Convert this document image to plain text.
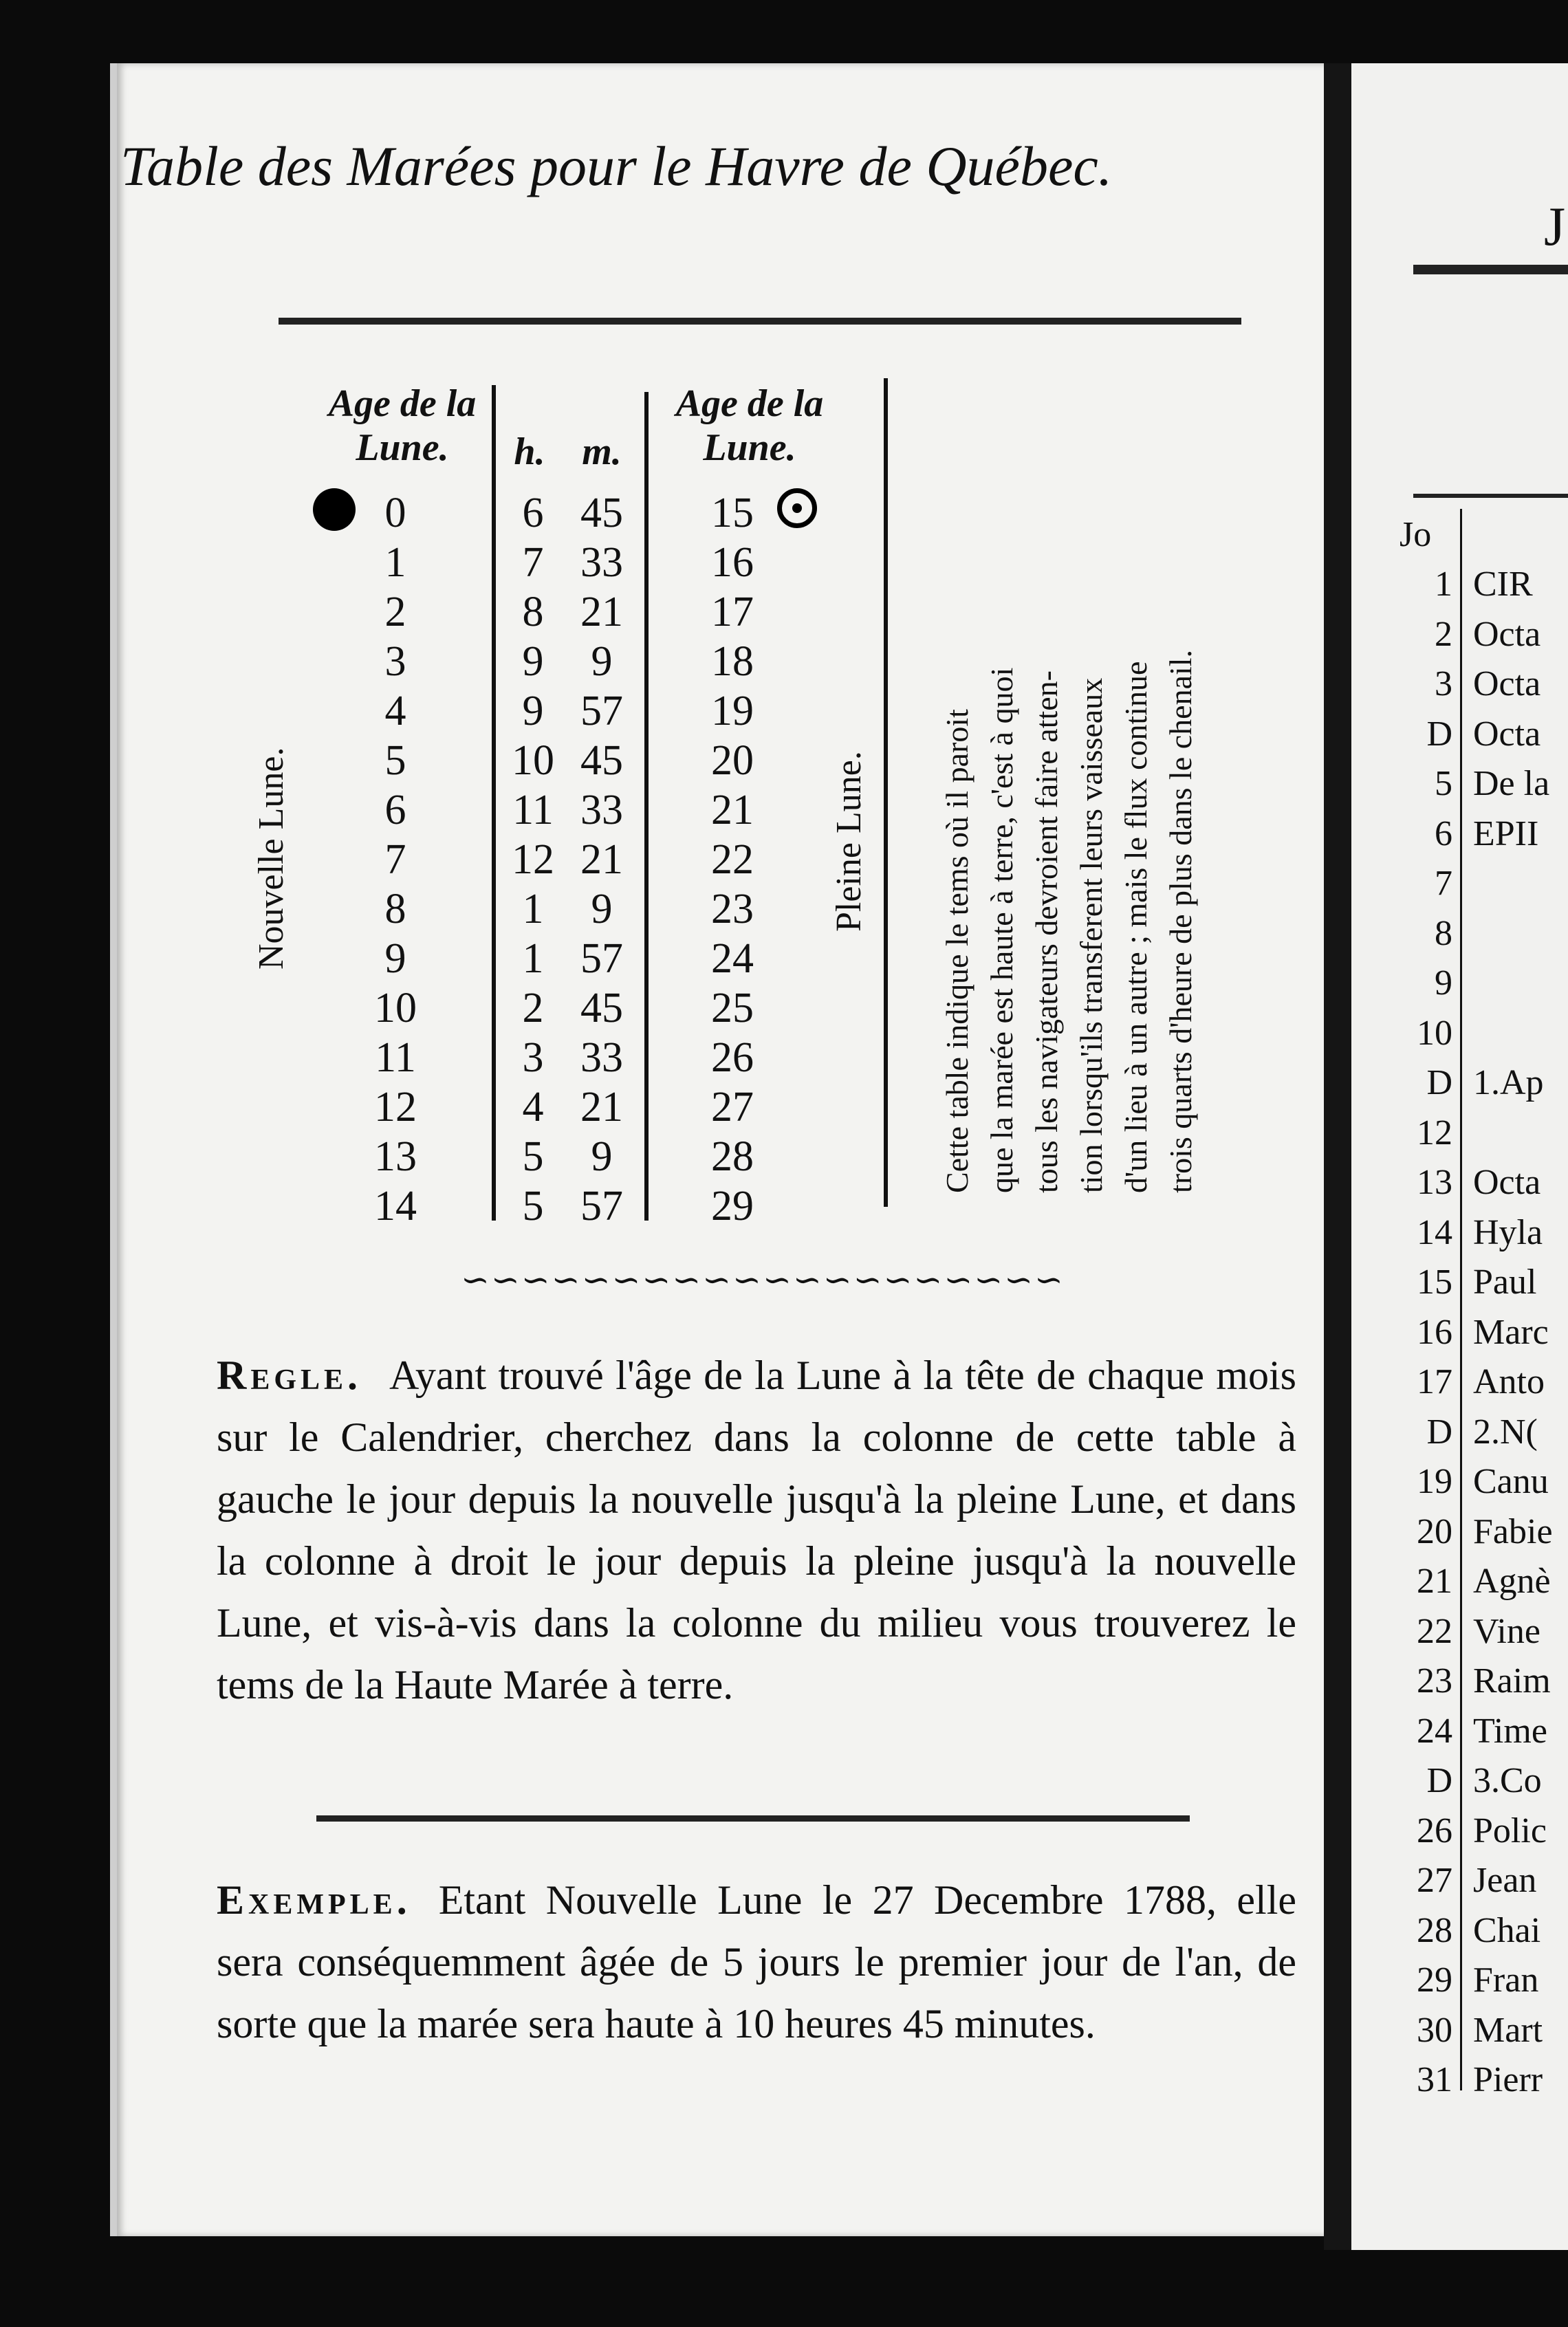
Table des Marées pour le Havre de Québec.
Age de la Lune.	h. m.
Age de la Lune.
Nouvelle Lune.	Pleine Lune.
0	6 45	15
1	7 33	16
2	8 21	17
3	9	9	18
4	9 57	19
5	10 45	20
6	11 33	21
7	12 21	22
8	1	9	23
9	1 57	24
10	2 45	25
11	3 33	26
12	4 21	27
13	5	9	28
14	5 57	29
Cette table indique le tems où il paroit que la marée est haute à terre, c'est à quoi tous les navigateurs devroient faire atten- tion lorsqu'ils transferent leurs vaisseaux d'un lieu à un autre ; mais le flux continue trois quarts d'heure de plus dans le chenail.
∽∽∽∽∽∽∽∽∽∽∽∽∽∽∽∽∽∽∽∽
Regle. Ayant trouvé l'âge de la Lune à la tête de chaque mois sur le Calendrier, cherchez dans la colonne de cette table à gauche le jour depuis la nouvelle jusqu'à la pleine Lune, et dans la colonne à droit le jour depuis la pleine jusqu'à la nouvelle Lune, et vis-à-vis dans la colonne du milieu vous trouverez le tems de la Haute Marée à terre.
Exemple. Etant Nouvelle Lune le 27 Decembre 1788, elle sera conséquemment âgée de 5 jours le premier jour de l'an, de sorte que la marée sera haute à 10 heures 45 minutes.
J
Jo
1 CIR
2 Octa
3 Octa
D Octa
5 De la
6 EPII
7
8
9
10
D 1.Ap
12
13 Octa
14 Hyla
15 Paul
16 Marc
17 Anto
D 2.N(
19 Canu
20 Fabie
21 Agnè
22 Vine
23 Raim
24 Time
D 3.Co
26 Polic
27 Jean
28 Chai
29 Fran
30 Mart
31 Pierr
